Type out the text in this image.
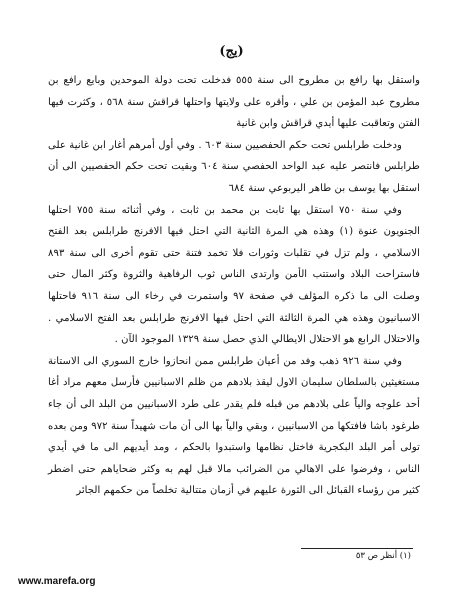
(يج)
واستقل بها رافع بن مطروح الى سنة ٥٥٥ فدخلت تحت دولة الموحدين وبايع رافع بن مطروح عبد المؤمن بن علي ، وأقره على ولايتها واحتلها قراقش سنة ٥٦٨ ، وكثرت فيها الفتن وتعاقبت عليها أيدي قراقش وابن غانية
ودخلت طرابلس تحت حكم الحفصيين سنة ٦٠٣ . وفي أول أمرهم أغار ابن غانية على طرابلس فانتصر عليه عبد الواحد الحفصي سنة ٦٠٤ وبقيت تحت حكم الحفصيين الى أن استقل بها يوسف بن طاهر اليربوعي سنة ٦٨٤
وفي سنة ٧٥٠ استقل بها ثابت بن محمد بن ثابت ، وفي أثنائه سنة ٧٥٥ احتلها الجنويون عنوة (١) وهذه هي المرة الثانية التي احتل فيها الافرنج طرابلس بعد الفتح الاسلامي ، ولم تزل في تقلبات وثورات فلا تخمد فتنة حتى تقوم أخرى الى سنة ٨٩٣ فاستراحت البلاد واستتب الأمن وارتدى الناس ثوب الرفاهية والثروة وكثر المال حتى وصلت الى ما ذكره المؤلف في صفحة ٩٧ واستمرت في رخاء الى سنة ٩١٦ فاحتلها الاسبانيون وهذه هي المرة الثالثة التي احتل فيها الافرنج طرابلس بعد الفتح الاسلامي . والاحتلال الرابع هو الاحتلال الايطالي الذي حصل سنة ١٣٢٩ الموجود الآن .
وفي سنة ٩٢٦ ذهب وفد من أعيان طرابلس ممن انحازوا خارج السوري الى الاستانة مستغيثين بالسلطان سليمان الاول ليقذ بلادهم من ظلم الاسبانيين فأرسل معهم مراد أغا أحد علوجه والياً على بلادهم من قبله فلم يقدر على طرد الاسبانيين من البلد الى أن جاء طرغود باشا فافتكها من الاسبانيين ، وبقي والياً بها الى أن مات شهيداً سنة ٩٧٢ ومن بعده تولى أمر البلد البكجرية فاختل نظامها واستبدوا بالحكم ، ومد أيديهم الى ما في أيدي الناس ، وفرضوا على الاهالي من الضرائب مالا قبل لهم به وكثر ضحاياهم حتى اضطر كثير من رؤساء القبائل الى الثورة عليهم في أزمان متتالية تخلصاً من حكمهم الجائر
(١) أنظر ص ٥٣
www.marefa.org
